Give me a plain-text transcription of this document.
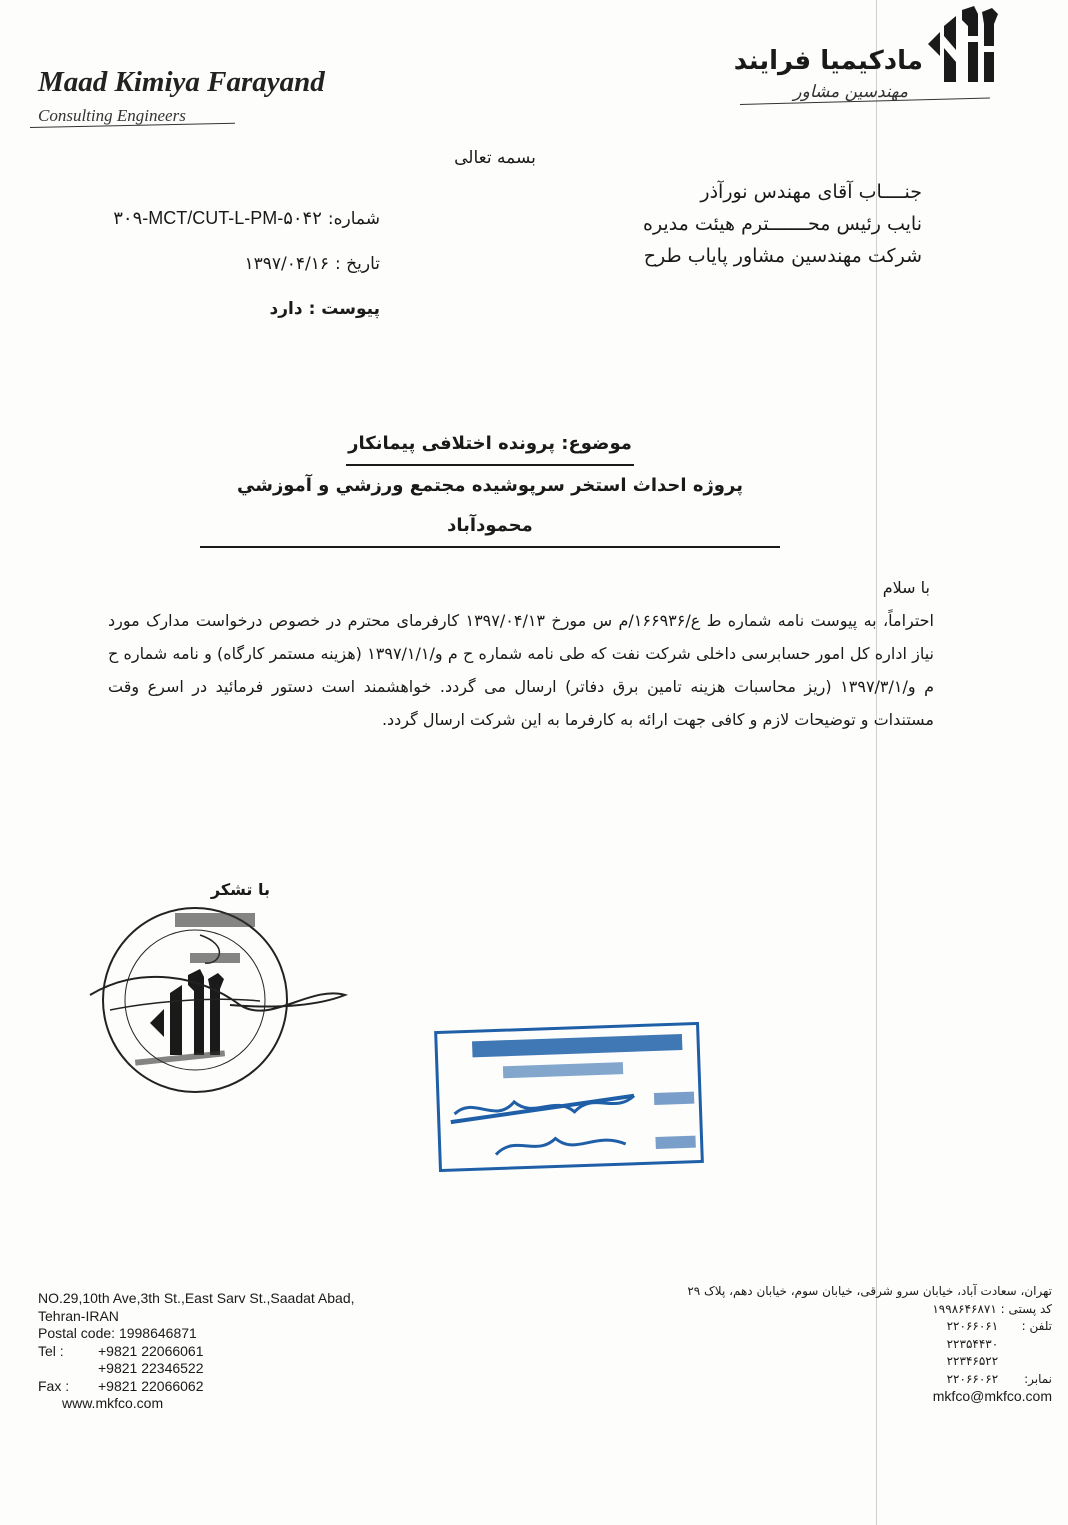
Maad Kimiya Farayand
Consulting Engineers
مادکیمیا فرایند
مهندسین مشاور
بسمه تعالی
جنــــاب آقای مهندس نورآذر
نایب رئیس محـــــــترم هیئت مدیره
شرکت مهندسین مشاور پایاب طرح
شماره:
۳۰۹-MCT/CUT-L-PM-۵۰۴۲
تاریخ :
۱۳۹۷/۰۴/۱۶
پیوست :
دارد
موضوع: پرونده اختلافی پیمانکار
پروژه احداث استخر سرپوشیده مجتمع ورزشي و آموزشي محمودآباد
با سلام

احتراماً، به پیوست نامه شماره ط ع/۱۶۶۹۳۶/م س مورخ ۱۳۹۷/۰۴/۱۳ کارفرمای محترم در خصوص درخواست مدارک مورد نیاز اداره کل امور حسابرسی داخلی شرکت نفت که طی نامه شماره ح م و/۱۳۹۷/۱/۱ (هزینه مستمر کارگاه) و نامه شماره ح م و/۱۳۹۷/۳/۱ (ریز محاسبات هزینه تامین برق دفاتر) ارسال می گردد. خواهشمند است دستور فرمائید در اسرع وقت مستندات و توضیحات لازم و کافی جهت ارائه به کارفرما به این شرکت ارسال گردد.

با تشکر
NO.29,10th Ave,3th St.,East Sarv St.,Saadat Abad,
Tehran-IRAN
Postal code: 1998646871
Tel :	+9821 22066061
+9821 22346522
Fax :	+9821 22066062
www.mkfco.com
تهران، سعادت آباد، خیابان سرو شرقی، خیابان سوم، خیابان دهم، پلاک ۲۹
کد پستی : ۱۹۹۸۶۴۶۸۷۱
تلفن : ۲۲۰۶۶۰۶۱
۲۲۳۵۴۴۳۰
۲۲۳۴۶۵۲۲
نمابر: ۲۲۰۶۶۰۶۲
mkfco@mkfco.com
